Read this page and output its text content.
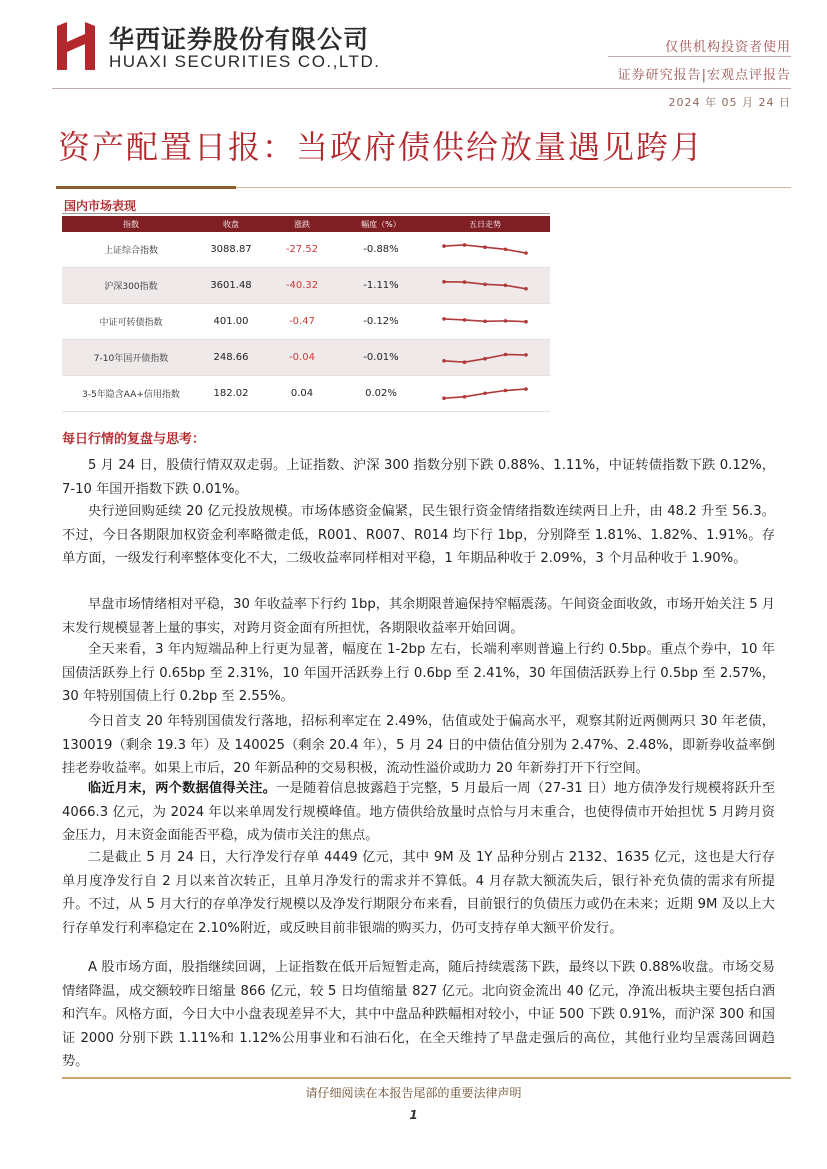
华西证券股份有限公司
HUAXI SECURITIES CO.,LTD.
仅供机构投资者使用
证券研究报告|宏观点评报告
2024 年 05 月 24 日
资产配置日报：当政府债供给放量遇见跨月
国内市场表现
指数	收盘	涨跌	幅度（%）	五日走势
上证综合指数	3088.87	-27.52	-0.88%
沪深300指数	3601.48	-40.32	-1.11%
中证可转债指数	401.00	-0.47	-0.12%
7-10年国开债指数	248.66	-0.04	-0.01%
3-5年隐含AA+信用指数	182.02	0.04	0.02%
每日行情的复盘与思考：

5 月 24 日，股债行情双双走弱。上证指数、沪深 300 指数分别下跌 0.88%、1.11%，中证转债指数下跌 0.12%，7-10 年国开指数下跌 0.01%。

央行逆回购延续 20 亿元投放规模。市场体感资金偏紧，民生银行资金情绪指数连续两日上升，由 48.2 升至 56.3。不过，今日各期限加权资金利率略微走低，R001、R007、R014 均下行 1bp，分别降至 1.81%、1.82%、1.91%。存单方面，一级发行利率整体变化不大，二级收益率同样相对平稳，1 年期品种收于 2.09%，3 个月品种收于 1.90%。

早盘市场情绪相对平稳，30 年收益率下行约 1bp，其余期限普遍保持窄幅震荡。午间资金面收敛，市场开始关注 5 月末发行规模显著上量的事实，对跨月资金面有所担忧，各期限收益率开始回调。

全天来看，3 年内短端品种上行更为显著，幅度在 1-2bp 左右，长端利率则普遍上行约 0.5bp。重点个券中，10 年国债活跃券上行 0.65bp 至 2.31%，10 年国开活跃券上行 0.6bp 至 2.41%，30 年国债活跃券上行 0.5bp 至 2.57%，30 年特别国债上行 0.2bp 至 2.55%。

今日首支 20 年特别国债发行落地，招标利率定在 2.49%，估值或处于偏高水平，观察其附近两侧两只 30 年老债，130019（剩余 19.3 年）及 140025（剩余 20.4 年），5 月 24 日的中债估值分别为 2.47%、2.48%，即新券收益率倒挂老券收益率。如果上市后，20 年新品种的交易积极，流动性溢价或助力 20 年新券打开下行空间。

临近月末，两个数据值得关注。一是随着信息披露趋于完整，5 月最后一周（27-31 日）地方债净发行规模将跃升至 4066.3 亿元，为 2024 年以来单周发行规模峰值。地方债供给放量时点恰与月末重合，也使得债市开始担忧 5 月跨月资金压力，月末资金面能否平稳，成为债市关注的焦点。

二是截止 5 月 24 日，大行净发行存单 4449 亿元，其中 9M 及 1Y 品种分别占 2132、1635 亿元，这也是大行存单月度净发行自 2 月以来首次转正，且单月净发行的需求并不算低。4 月存款大额流失后，银行补充负债的需求有所提升。不过，从 5 月大行的存单净发行规模以及净发行期限分布来看，目前银行的负债压力或仍在未来；近期 9M 及以上大行存单发行利率稳定在 2.10%附近，或反映目前非银端的购买力，仍可支持存单大额平价发行。

A 股市场方面，股指继续回调，上证指数在低开后短暂走高，随后持续震荡下跌，最终以下跌 0.88%收盘。市场交易情绪降温，成交额较昨日缩量 866 亿元，较 5 日均值缩量 827 亿元。北向资金流出 40 亿元，净流出板块主要包括白酒和汽车。风格方面，今日大中小盘表现差异不大，其中中盘品种跌幅相对较小，中证 500 下跌 0.91%，而沪深 300 和国证 2000 分别下跌 1.11%和 1.12%公用事业和石油石化，在全天维持了早盘走强后的高位，其他行业均呈震荡回调趋势。

请仔细阅读在本报告尾部的重要法律声明
1
